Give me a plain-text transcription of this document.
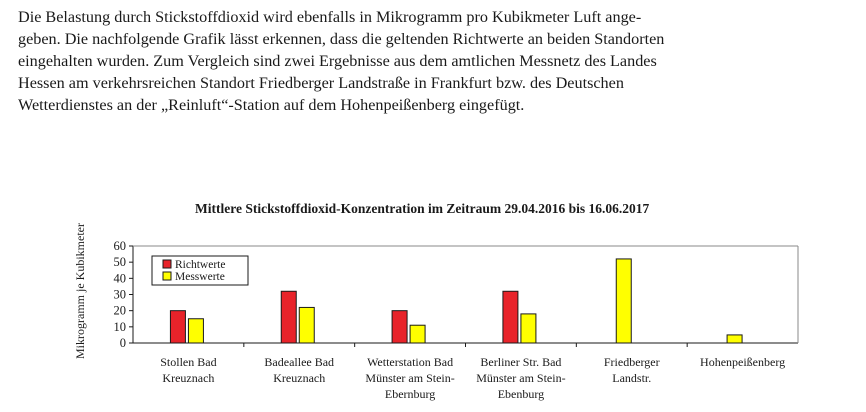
Die Belastung durch Stickstoffdioxid wird ebenfalls in Mikrogramm pro Kubikmeter Luft ange-
geben. Die nachfolgende Grafik lässt erkennen, dass die geltenden Richtwerte an beiden Standorten
eingehalten wurden. Zum Vergleich sind zwei Ergebnisse aus dem amtlichen Messnetz des Landes
Hessen am verkehrsreichen Standort Friedberger Landstraße in Frankfurt bzw. des Deutschen
Wetterdienstes an der „Reinluft“-Station auf dem Hohenpeißenberg eingefügt.

Mittlere Stickstoffdioxid-Konzentration im Zeitraum 29.04.2016 bis 16.06.2017
Mikrogramm je Kubikmeter	0
10
20
30
40
50
60
Stollen Bad
Kreuznach
Badeallee Bad
Kreuznach
Wetterstation Bad
Münster am Stein-
Ebernburg
Berliner Str. Bad
Münster am Stein-
Ebenburg
Friedberger
Landstr.
Hohenpeißenberg
Richtwerte
Messwerte
